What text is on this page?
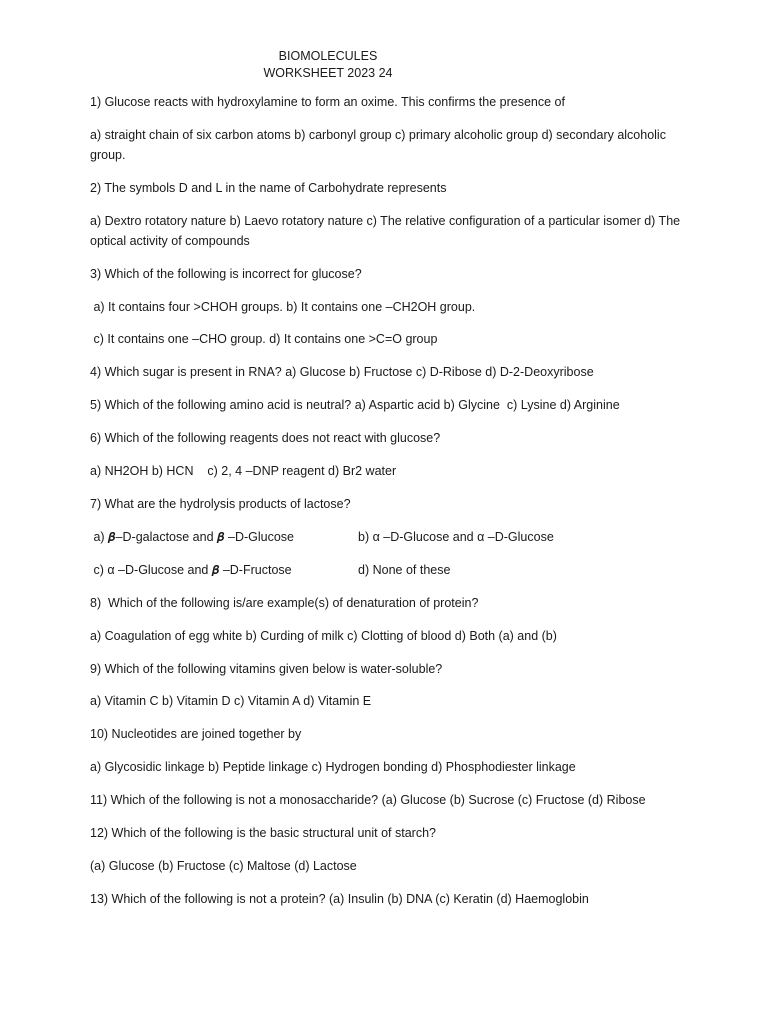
BIOMOLECULES
WORKSHEET 2023 24
1) Glucose reacts with hydroxylamine to form an oxime. This confirms the presence of
a) straight chain of six carbon atoms b) carbonyl group c) primary alcoholic group d) secondary alcoholic group.
2) The symbols D and L in the name of Carbohydrate represents
a) Dextro rotatory nature b) Laevo rotatory nature c) The relative configuration of a particular isomer d) The optical activity of compounds
3) Which of the following is incorrect for glucose?
a) It contains four >CHOH groups. b) It contains one –CH2OH group.
c) It contains one –CHO group. d) It contains one >C=O group
4) Which sugar is present in RNA? a) Glucose b) Fructose c) D-Ribose d) D-2-Deoxyribose
5) Which of the following amino acid is neutral? a) Aspartic acid b) Glycine  c) Lysine d) Arginine
6) Which of the following reagents does not react with glucose?
a) NH2OH b) HCN    c) 2, 4 –DNP reagent d) Br2 water
7) What are the hydrolysis products of lactose?
a) 𝜷–D-galactose and 𝜷 –D-Glucose	b) α –D-Glucose and α –D-Glucose
c) α –D-Glucose and 𝜷 –D-Fructose	d) None of these
8)  Which of the following is/are example(s) of denaturation of protein?
a) Coagulation of egg white b) Curding of milk c) Clotting of blood d) Both (a) and (b)
9) Which of the following vitamins given below is water-soluble?
a) Vitamin C b) Vitamin D c) Vitamin A d) Vitamin E
10) Nucleotides are joined together by
a) Glycosidic linkage b) Peptide linkage c) Hydrogen bonding d) Phosphodiester linkage
11) Which of the following is not a monosaccharide? (a) Glucose (b) Sucrose (c) Fructose (d) Ribose
12) Which of the following is the basic structural unit of starch?
(a) Glucose (b) Fructose (c) Maltose (d) Lactose
13) Which of the following is not a protein? (a) Insulin (b) DNA (c) Keratin (d) Haemoglobin
